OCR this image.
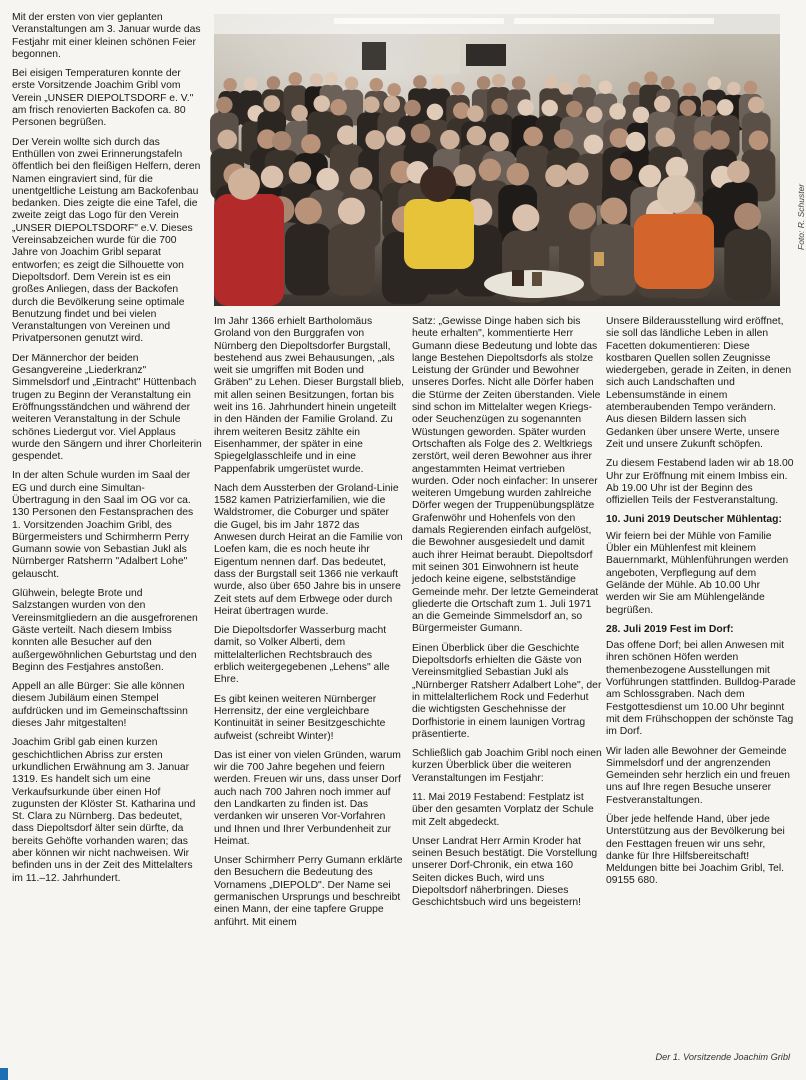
Mit der ersten von vier geplanten Veranstaltungen am 3. Januar wurde das Festjahr mit einer kleinen schönen Feier begonnen.

Bei eisigen Temperaturen konnte der erste Vorsitzende Joachim Gribl vom Verein „UNSER DIEPOLTSDORF e. V." am frisch renovierten Backofen ca. 80 Personen begrüßen.

Der Verein wollte sich durch das Enthüllen von zwei Erinnerungstafeln öffentlich bei den fleißigen Helfern, deren Namen eingraviert sind, für die unentgeltliche Leistung am Backofenbau bedanken. Dies zeigte die eine Tafel, die zweite zeigt das Logo für den Verein „UNSER DIEPOLTSDORF" e.V. Dieses Vereinsabzeichen wurde für die 700 Jahre von Joachim Gribl separat entworfen; es zeigt die Silhouette von Diepoltsdorf. Dem Verein ist es ein großes Anliegen, dass der Backofen durch die Bevölkerung seine optimale Benutzung findet und bei vielen Veranstaltungen von Vereinen und Privatpersonen genutzt wird.

Der Männerchor der beiden Gesangvereine „Liederkranz" Simmelsdorf und „Eintracht" Hüttenbach trugen zu Beginn der Veranstaltung ein Eröffnungsständchen und während der weiteren Veranstaltung in der Schule schönes Liedergut vor. Viel Applaus wurde den Sängern und ihrer Chorleiterin gespendet.

In der alten Schule wurden im Saal der EG und durch eine Simultan-Übertragung in den Saal im OG vor ca. 130 Personen den Festansprachen des 1. Vorsitzenden Joachim Gribl, des Bürgermeisters und Schirmherrn Perry Gumann sowie von Sebastian Jukl als Nürnberger Ratsherrn "Adalbert Lohe" gelauscht.

Glühwein, belegte Brote und Salzstangen wurden von den Vereinsmitgliedern an die ausgefrorenen Gäste verteilt. Nach diesem Imbiss konnten alle Besucher auf den außergewöhnlichen Geburtstag und den Beginn des Festjahres anstoßen.

Appell an alle Bürger: Sie alle können diesem Jubiläum einen Stempel aufdrücken und im Gemeinschaftssinn dieses Jahr mitgestalten!

Joachim Gribl gab einen kurzen geschichtlichen Abriss zur ersten urkundlichen Erwähnung am 3. Januar 1319. Es handelt sich um eine Verkaufsurkunde über einen Hof zugunsten der Klöster St. Katharina und St. Clara zu Nürnberg. Das bedeutet, dass Diepoltsdorf älter sein dürfte, da bereits Gehöfte vorhanden waren; das aber können wir nicht nachweisen. Wir befinden uns in der Zeit des Mittelalters im 11.–12. Jahrhundert.

Foto: R. Schuster

Im Jahr 1366 erhielt Bartholomäus Groland von den Burggrafen von Nürnberg den Diepoltsdorfer Burgstall, bestehend aus zwei Behausungen, „als weit sie umgriffen mit Boden und Gräben" zu Lehen. Dieser Burgstall blieb, mit allen seinen Besitzungen, fortan bis weit ins 16. Jahrhundert hinein ungeteilt in den Händen der Familie Groland. Zu ihrem weiteren Besitz zählte ein Eisenhammer, der später in eine Spiegelglasschleife und in eine Pappenfabrik umgerüstet wurde.

Nach dem Aussterben der Groland-Linie 1582 kamen Patrizierfamilien, wie die Waldstromer, die Coburger und später die Gugel, bis im Jahr 1872 das Anwesen durch Heirat an die Familie von Loefen kam, die es noch heute ihr Eigentum nennen darf. Das bedeutet, dass der Burgstall seit 1366 nie verkauft wurde, also über 650 Jahre bis in unsere Zeit stets auf dem Erbwege oder durch Heirat übertragen wurde.

Die Diepoltsdorfer Wasserburg macht damit, so Volker Alberti, dem mittelalterlichen Rechtsbrauch des erblich weitergegebenen „Lehens" alle Ehre.

Es gibt keinen weiteren Nürnberger Herrensitz, der eine vergleichbare Kontinuität in seiner Besitzgeschichte aufweist (schreibt Winter)!

Das ist einer von vielen Gründen, warum wir die 700 Jahre begehen und feiern werden. Freuen wir uns, dass unser Dorf auch nach 700 Jahren noch immer auf den Landkarten zu finden ist. Das verdanken wir unseren Vor-Vorfahren und Ihnen und Ihrer Verbundenheit zur Heimat.

Unser Schirmherr Perry Gumann erklärte den Besuchern die Bedeutung des Vornamens „DIEPOLD". Der Name sei germanischen Ursprungs und beschreibt einen Mann, der eine tapfere Gruppe anführt. Mit einem

Satz: „Gewisse Dinge haben sich bis heute erhalten", kommentierte Herr Gumann diese Bedeutung und lobte das lange Bestehen Diepoltsdorfs als stolze Leistung der Gründer und Bewohner unseres Dorfes. Nicht alle Dörfer haben die Stürme der Zeiten überstanden. Viele sind schon im Mittelalter wegen Kriegs- oder Seuchenzügen zu sogenannten Wüstungen geworden. Später wurden Ortschaften als Folge des 2. Weltkriegs zerstört, weil deren Bewohner aus ihrer angestammten Heimat vertrieben wurden. Oder noch einfacher: In unserer weiteren Umgebung wurden zahlreiche Dörfer wegen der Truppenübungsplätze Grafenwöhr und Hohenfels von den damals Regierenden einfach aufgelöst, die Bewohner ausgesiedelt und damit auch ihrer Heimat beraubt. Diepoltsdorf mit seinen 301 Einwohnern ist heute jedoch keine eigene, selbstständige Gemeinde mehr. Der letzte Gemeinderat gliederte die Ortschaft zum 1. Juli 1971 an die Gemeinde Simmelsdorf an, so Bürgermeister Gumann.

Einen Überblick über die Geschichte Diepoltsdorfs erhielten die Gäste von Vereinsmitglied Sebastian Jukl als „Nürnberger Ratsherr Adalbert Lohe", der in mittelalterlichem Rock und Federhut die wichtigsten Geschehnisse der Dorfhistorie in einem launigen Vortrag präsentierte.

Schließlich gab Joachim Gribl noch einen kurzen Überblick über die weiteren Veranstaltungen im Festjahr:

11. Mai 2019 Festabend: Festplatz ist über den gesamten Vorplatz der Schule mit Zelt abgedeckt.

Unser Landrat Herr Armin Kroder hat seinen Besuch bestätigt. Die Vorstellung unserer Dorf-Chronik, ein etwa 160 Seiten dickes Buch, wird uns Diepoltsdorf näherbringen. Dieses Geschichtsbuch wird uns begeistern!

Unsere Bilderausstellung wird eröffnet, sie soll das ländliche Leben in allen Facetten dokumentieren: Diese kostbaren Quellen sollen Zeugnisse wiedergeben, gerade in Zeiten, in denen sich auch Landschaften und Lebensumstände in einem atemberaubenden Tempo verändern. Aus diesen Bildern lassen sich Gedanken über unsere Werte, unsere Zeit und unsere Zukunft schöpfen.

Zu diesem Festabend laden wir ab 18.00 Uhr zur Eröffnung mit einem Imbiss ein. Ab 19.00 Uhr ist der Beginn des offiziellen Teils der Festveranstaltung.

10. Juni 2019 Deutscher Mühlentag:

Wir feiern bei der Mühle von Familie Übler ein Mühlenfest mit kleinem Bauernmarkt, Mühlenführungen werden angeboten, Verpflegung auf dem Gelände der Mühle. Ab 10.00 Uhr werden wir Sie am Mühlengelände begrüßen.

28. Juli 2019 Fest im Dorf:

Das offene Dorf; bei allen Anwesen mit ihren schönen Höfen werden themenbezogene Ausstellungen mit Vorführungen stattfinden. Bulldog-Parade am Schlossgraben. Nach dem Festgottesdienst um 10.00 Uhr beginnt mit dem Frühschoppen der schönste Tag im Dorf.

Wir laden alle Bewohner der Gemeinde Simmelsdorf und der angrenzenden Gemeinden sehr herzlich ein und freuen uns auf Ihre regen Besuche unserer Festveranstaltungen.

Über jede helfende Hand, über jede Unterstützung aus der Bevölkerung bei den Festtagen freuen wir uns sehr, danke für Ihre Hilfsbereitschaft! Meldungen bitte bei Joachim Gribl, Tel. 09155 680.

Der 1. Vorsitzende Joachim Gribl
